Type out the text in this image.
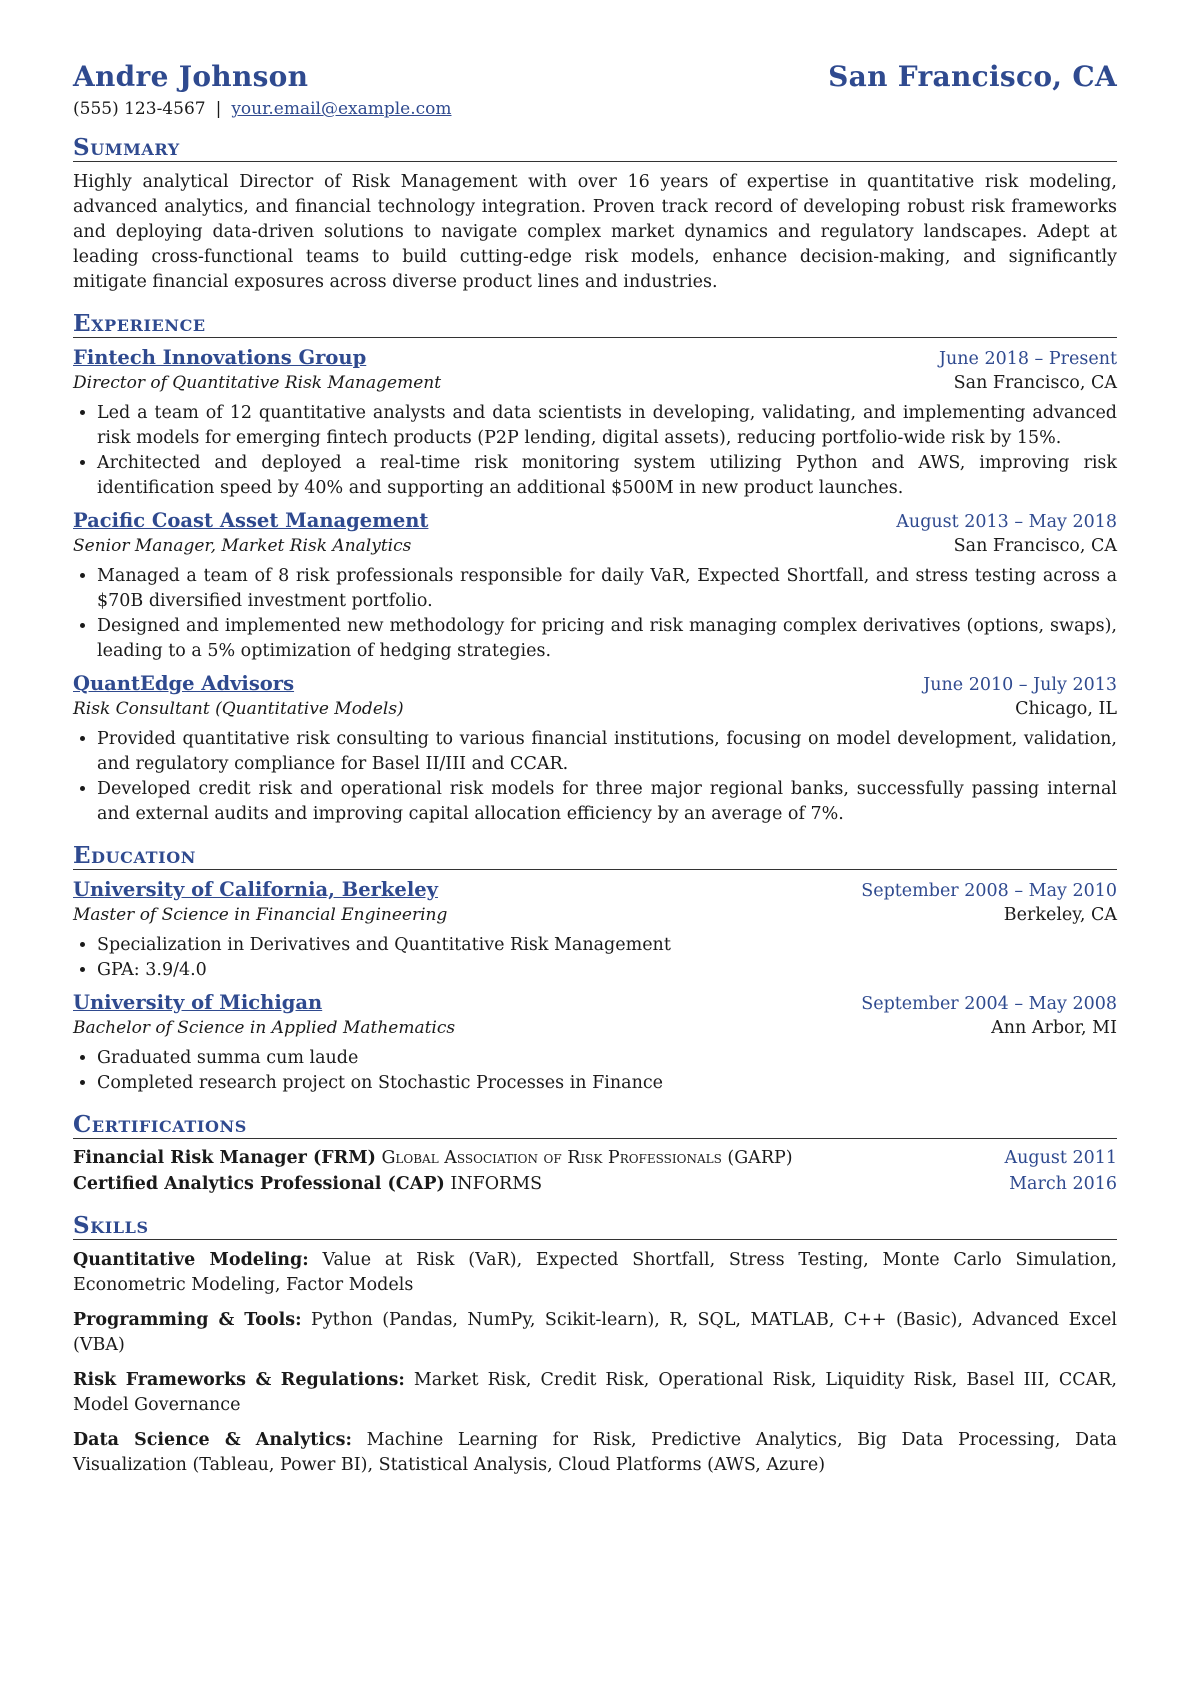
Andre Johnson	San Francisco, CA
(555) 123-4567 | your.email@example.com
Summary

Highly analytical Director of Risk Management with over 16 years of expertise in quantitative risk modeling, advanced analytics, and financial technology integration. Proven track record of developing robust risk frameworks and deploying data-driven solutions to navigate complex market dynamics and regulatory landscapes. Adept at leading cross-functional teams to build cutting-edge risk models, enhance decision-making, and significantly mitigate financial exposures across diverse product lines and industries.

Experience
Fintech Innovations Group	June 2018 – Present
Director of Quantitative Risk Management	San Francisco, CA
• Led a team of 12 quantitative analysts and data scientists in developing, validating, and implementing advanced risk models for emerging fintech products (P2P lending, digital assets), reducing portfolio-wide risk by 15%.
• Architected and deployed a real-time risk monitoring system utilizing Python and AWS, improving risk identification speed by 40% and supporting an additional $500M in new product launches.
Pacific Coast Asset Management	August 2013 – May 2018
Senior Manager, Market Risk Analytics	San Francisco, CA
• Managed a team of 8 risk professionals responsible for daily VaR, Expected Shortfall, and stress testing across a $70B diversified investment portfolio.
• Designed and implemented new methodology for pricing and risk managing complex derivatives (options, swaps), leading to a 5% optimization of hedging strategies.
QuantEdge Advisors	June 2010 – July 2013
Risk Consultant (Quantitative Models)	Chicago, IL
• Provided quantitative risk consulting to various financial institutions, focusing on model development, validation, and regulatory compliance for Basel II/III and CCAR.
• Developed credit risk and operational risk models for three major regional banks, successfully passing internal and external audits and improving capital allocation efficiency by an average of 7%.
Education
University of California, Berkeley	September 2008 – May 2010
Master of Science in Financial Engineering	Berkeley, CA
• Specialization in Derivatives and Quantitative Risk Management
• GPA: 3.9/4.0
University of Michigan	September 2004 – May 2008
Bachelor of Science in Applied Mathematics	Ann Arbor, MI
• Graduated summa cum laude
• Completed research project on Stochastic Processes in Finance
Certifications
Financial Risk Manager (FRM) Global Association of Risk Professionals (GARP)	August 2011
Certified Analytics Professional (CAP) INFORMS	March 2016
Skills
Quantitative Modeling: Value at Risk (VaR), Expected Shortfall, Stress Testing, Monte Carlo Simulation, Econometric Modeling, Factor Models
Programming & Tools: Python (Pandas, NumPy, Scikit-learn), R, SQL, MATLAB, C++ (Basic), Advanced Excel (VBA)
Risk Frameworks & Regulations: Market Risk, Credit Risk, Operational Risk, Liquidity Risk, Basel III, CCAR, Model Governance
Data Science & Analytics: Machine Learning for Risk, Predictive Analytics, Big Data Processing, Data Visualization (Tableau, Power BI), Statistical Analysis, Cloud Platforms (AWS, Azure)
